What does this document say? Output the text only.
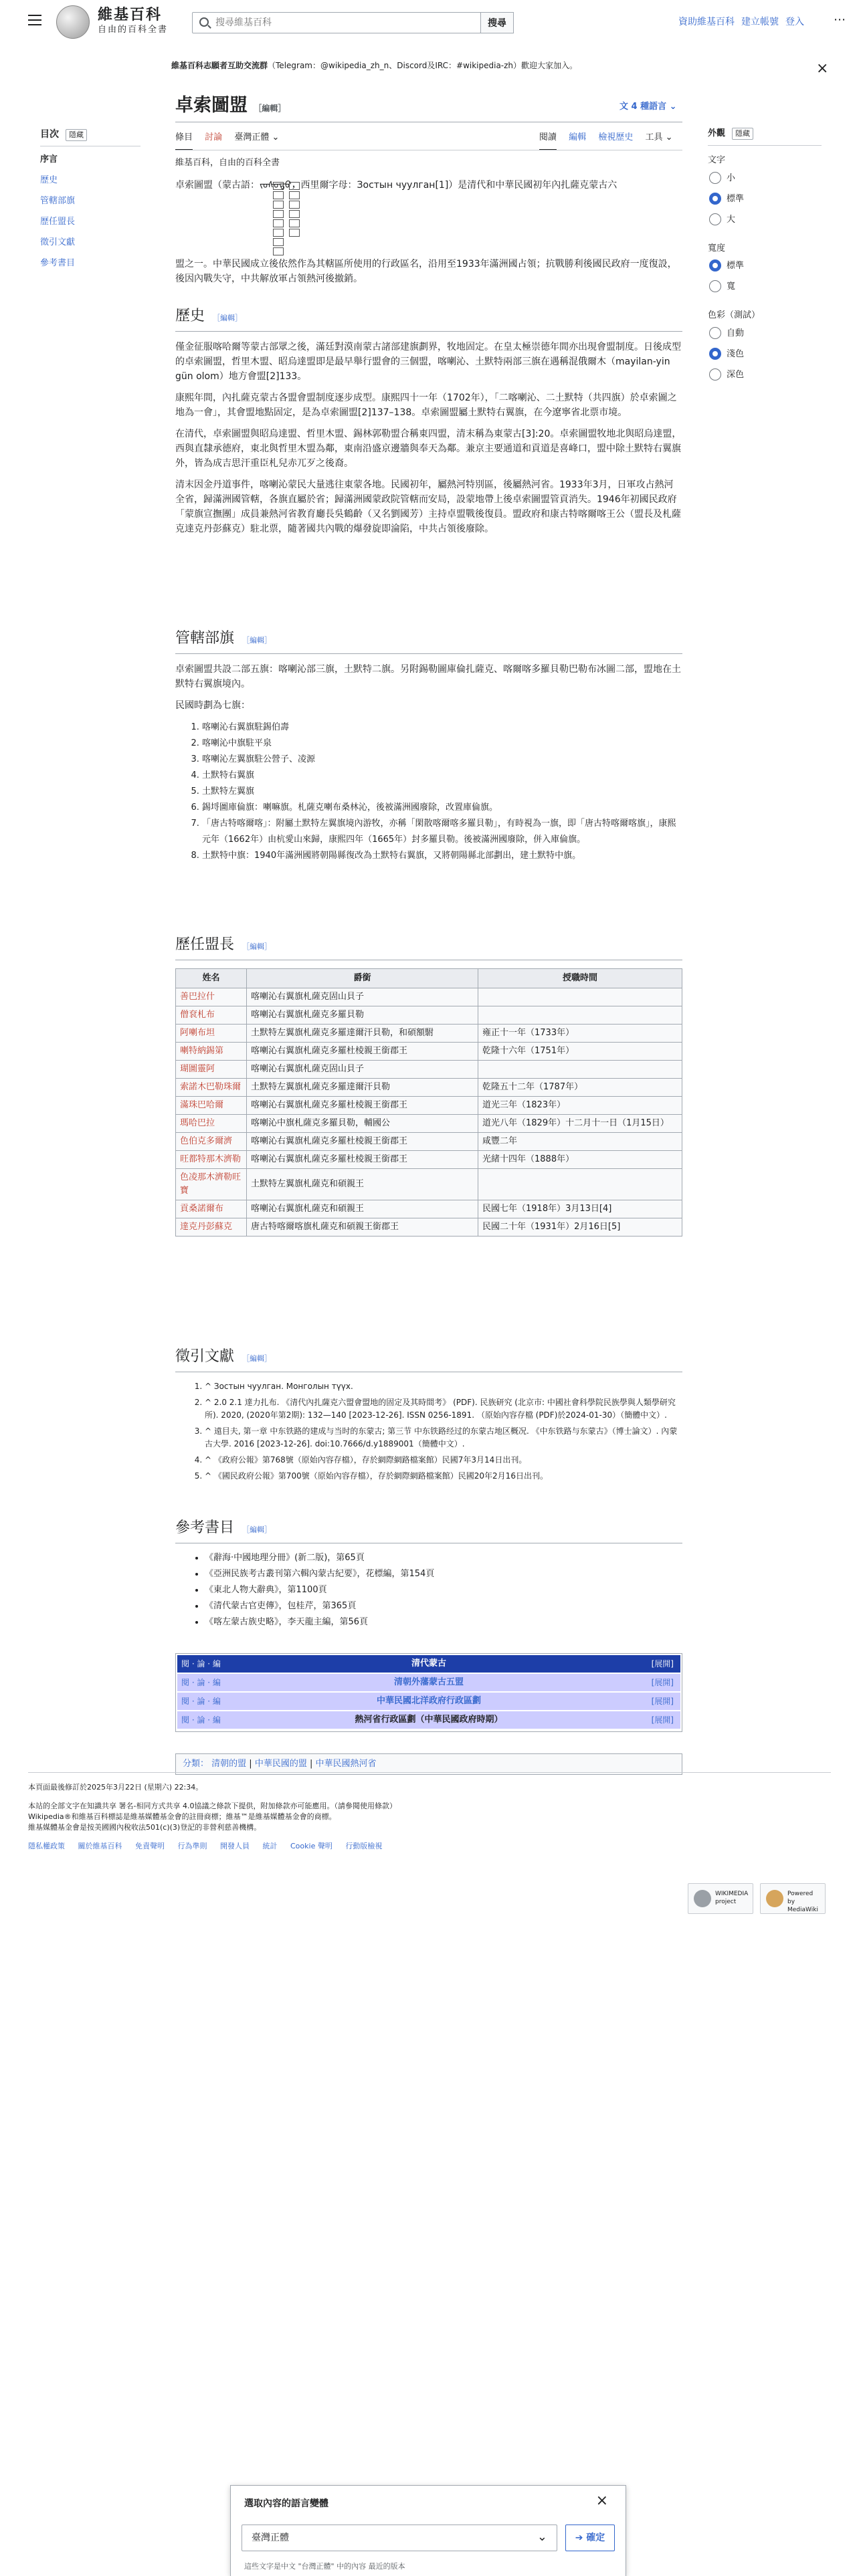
維基百科
自由的百科全書
搜尋維基百科
搜尋	資助維基百科 建立帳號 登入 ⋯
維基百科志願者互助交流群（Telegram：@wikipedia_zh_n、Discord及IRC：#wikipedia-zh）歡迎大家加入。	×
目次 隱藏
序言
歷史
管轄部旗
歷任盟長
徵引文獻
參考書目
卓索圖盟 ［編輯］	文 4 種語言 ⌄
條目 討論 臺灣正體 ⌄	閱讀 編輯 檢視歷史 工具 ⌄
維基百科，自由的百科全書

卓索圖盟（蒙古語：ᠵᠣᠰᠣᠲᠤ，西里爾字母：Зостын чуулган[1]）是清代和中華民國初年內扎薩克蒙古六

盟之一。中華民國成立後依然作為其轄區所使用的行政區名，沿用至1933年滿洲國占領；抗戰勝利後國民政府一度復設，後因內戰失守，中共解放軍占領熱河後撤銷。

歷史 ［編輯］

僅金征服喀哈爾等蒙古部眾之後，滿廷對漠南蒙古諸部建旗劃界，牧地固定。在皇太極崇德年間亦出現會盟制度。日後成型的卓索圖盟，哲里木盟、昭烏達盟即是最早舉行盟會的三個盟，喀喇沁、土默特兩部三旗在遇稱混俄爾木（mayilan-yin gün olom）地方會盟[2]133。

康熙年間，內扎薩克蒙古各盟會盟制度逐步成型。康熙四十一年（1702年），「二喀喇沁、二土默特（共四旗）於卓索圖之地為一會」，其會盟地點固定，是為卓索圖盟[2]137–138。卓索圖盟屬土默特右翼旗，在今遼寧省北票市境。

在清代，卓索圖盟與昭烏達盟、哲里木盟、錫林郭勒盟合稱東四盟，清末稱為東蒙古[3]:20。卓索圖盟牧地北與昭烏達盟，西與直隸承德府，東北與哲里木盟為鄰，東南沿盛京邊牆與奉天為鄰。兼京主要通道和貢道是喜峰口，盟中除土默特右翼旗外，皆為成吉思汗重臣札兒赤兀歹之後裔。

清末因金丹道事件，喀喇沁蒙民大量逃往東蒙各地。民國初年，屬熱河特別區，後屬熱河省。1933年3月，日軍攻占熱河全省，歸滿洲國管轄，各旗直屬於省；歸滿洲國蒙政院管轄而安局，設蒙地帶上後卓索圖盟管貢消失。1946年初國民政府「蒙旗宣撫團」成員兼熱河省教育廳長吳鶴齡（又名劉國芳）主持卓盟戰後復員。盟政府和康古特喀爾喀王公（盟長及札薩克達克丹彭蘇克）駐北票，隨著國共內戰的爆發旋即淪陷，中共占領後廢除。

管轄部旗 ［編輯］

卓索圖盟共設二部五旗：喀喇沁部三旗，土默特二旗。另附錫勒圖庫倫扎薩克、喀爾喀多羅貝勒巴勒布冰圖二部，盟地在土默特右翼旗境內。

民國時劃為七旗：

1. 喀喇沁右翼旗駐錫伯壽
2. 喀喇沁中旗駐平泉
3. 喀喇沁左翼旗駐公營子、凌源
4. 土默特右翼旗
5. 土默特左翼旗
6. 錫埒圖庫倫旗：喇嘛旗。札薩克喇布桑林沁，後被滿洲國廢除，改置庫倫旗。
7. 「唐古特喀爾喀」：附屬土默特左翼旗境內游牧，亦稱「閑散喀爾喀多羅貝勒」，有時視為一旗，即「唐古特喀爾喀旗」，康熙元年（1662年）由杭愛山來歸，康熙四年（1665年）封多羅貝勒。後被滿洲國廢除，併入庫倫旗。
8. 土默特中旗：1940年滿洲國將朝陽縣復改為土默特右翼旗，又將朝陽縣北部劃出，建土默特中旗。
歷任盟長 ［編輯］
姓名	爵銜	授職時間
善巴拉什	喀喇沁右翼旗札薩克固山貝子	
僧袞札布	喀喇沁右翼旗札薩克多羅貝勒	
阿喇布坦	土默特左翼旗札薩克多羅達爾汗貝勒，和碩額駙	雍正十一年（1733年）
喇特納錫第	喀喇沁右翼旗札薩克多羅杜棱親王銜郡王	乾隆十六年（1751年）
瑚圖靈阿	喀喇沁右翼旗札薩克固山貝子	
索諾木巴勒珠爾	土默特左翼旗札薩克多羅達爾汗貝勒	乾隆五十二年（1787年）
滿珠巴哈爾	喀喇沁右翼旗札薩克多羅杜棱親王銜郡王	道光三年（1823年）
瑪哈巴拉	喀喇沁中旗札薩克多羅貝勒，輔國公	道光八年（1829年）十二月十一日（1月15日）
色伯克多爾濟	喀喇沁右翼旗札薩克多羅杜棱親王銜郡王	咸豐二年
旺都特那木濟勒	喀喇沁右翼旗札薩克多羅杜棱親王銜郡王	光緒十四年（1888年）
色凌那木濟勒旺寶	土默特左翼旗札薩克和碩親王	
貢桑諾爾布	喀喇沁右翼旗札薩克和碩親王	民國七年（1918年）3月13日[4]
達克丹彭蘇克	唐古特喀爾喀旗札薩克和碩親王銜郡王	民國二十年（1931年）2月16日[5]
徵引文獻 ［編輯］
1. ^ Зостын чуулган. Монголын түүх.
2. ^ 2.0 2.1 達力扎布. 《清代內扎薩克六盟會盟地的固定及其時間考》 (PDF). 民族研究 (北京市: 中國社會科學院民族學與人類學研究所). 2020, (2020年第2期): 132—140 [2023-12-26]. ISSN 0256-1891. （原始內容存檔 (PDF)於2024-01-30）（簡體中文）.
3. ^ 遠目夫, 第一章 中东铁路的建成与当时的东蒙古; 第三节 中东铁路经过的东蒙古地区概况. 《中东铁路与东蒙古》（博士論文）. 內蒙古大學. 2016 [2023-12-26]. doi:10.7666/d.y1889001（簡體中文）.
4. ^ 《政府公報》第768號（原始內容存檔），存於網際網路檔案館）民國7年3月14日出刊。
5. ^ 《國民政府公報》第700號（原始內容存檔），存於網際網路檔案館）民國20年2月16日出刊。
參考書目 ［編輯］
• 《辭海·中國地理分冊》(新二版)，第65頁
• 《亞洲民族考古叢刊第六輯內蒙古紀要》，花標編，第154頁
• 《東北人物大辭典》，第1100頁
• 《清代蒙古官吏傳》，包桂芹，第365頁
• 《喀左蒙古族史略》，李天龍主編，第56頁
閱 · 論 · 編	清代蒙古	[展開]
閱 · 論 · 編	清朝外藩蒙古五盟	[展開]
閱 · 論 · 編	中華民國北洋政府行政區劃	[展開]
閱 · 論 · 編	熱河省行政區劃（中華民國政府時期）	[展開]
分類： 清朝的盟 | 中華民國的盟 | 中華民國熱河省
外觀 隱藏
文字
小
標準
大
寬度
標準
寬
色彩（測試）
自動
淺色
深色
本頁面最後修訂於2025年3月22日 (星期六) 22:34。
本站的全部文字在知識共享 署名-相同方式共享 4.0協議之條款下提供，附加條款亦可能應用。（請參閱使用條款）
Wikipedia®和維基百科標誌是維基媒體基金會的註冊商標；維基™是維基媒體基金會的商標。
維基媒體基金會是按美國國內稅收法501(c)(3)登記的非營利慈善機構。
隱私權政策 關於維基百科 免責聲明 行為準則 開發人員 統計 Cookie 聲明 行動版檢視
WIKIMEDIA project
Powered by MediaWiki
選取內容的語言變體	×
臺灣正體 ⌄	➔ 確定
這些文字是中文 "台灣正體" 中的內容 最近的版本
